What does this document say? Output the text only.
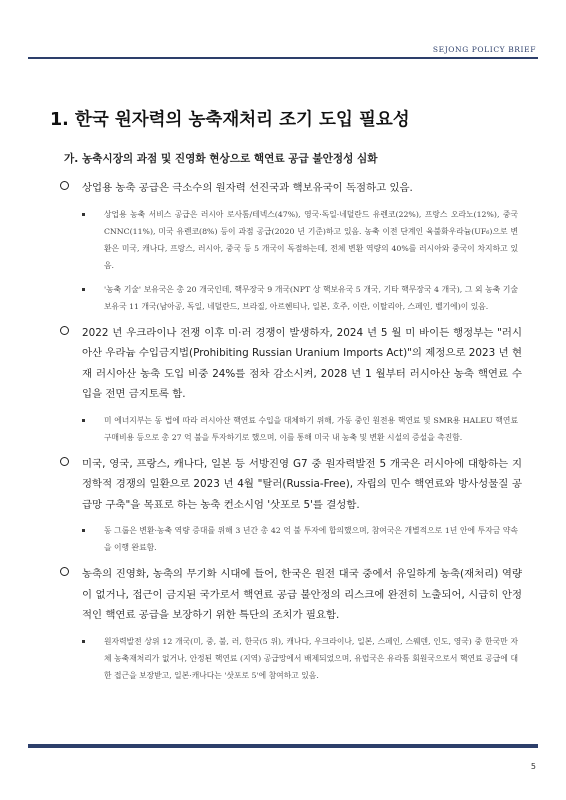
SEJONG POLICY BRIEF
1. 한국 원자력의 농축재처리 조기 도입 필요성
가. 농축시장의 과점 및 진영화 현상으로 핵연료 공급 불안정성 심화

상업용 농축 공급은 극소수의 원자력 선진국과 핵보유국이 독점하고 있음.

상업용 농축 서비스 공급은 러시아 로사톰/테넥스(47%), 영국·독일·네덜란드 유렌코(22%), 프랑스 오라노(12%), 중국 CNNC(11%), 미국 유렌코(8%) 등이 과점 공급(2020 년 기준)하고 있음. 농축 이전 단계인 육불화우라늄(UF₆)으로 변환은 미국, 캐나다, 프랑스, 러시아, 중국 등 5 개국이 독점하는데, 전체 변환 역량의 40%를 러시아와 중국이 차지하고 있음.

'농축 기술' 보유국은 총 20 개국인데, 핵무장국 9 개국(NPT 상 핵보유국 5 개국, 기타 핵무장국 4 개국), 그 외 농축 기술 보유국 11 개국(남아공, 독일, 네덜란드, 브라질, 아르헨티나, 일본, 호주, 이란, 이탈리아, 스페인, 벨기에)이 있음.

2022 년 우크라이나 전쟁 이후 미·러 경쟁이 발생하자, 2024 년 5 월 미 바이든 행정부는 "러시아산 우라늄 수입금지법(Prohibiting Russian Uranium Imports Act)"의 제정으로 2023 년 현재 러시아산 농축 도입 비중 24%를 점차 감소시켜, 2028 년 1 월부터 러시아산 농축 핵연료 수입을 전면 금지토록 함.

미 에너지부는 동 법에 따라 러시아산 핵연료 수입을 대체하기 위해, 가동 중인 원전용 핵연료 및 SMR용 HALEU 핵연료 구매비용 등으로 총 27 억 불을 투자하기로 했으며, 이를 통해 미국 내 농축 및 변환 시설의 증설을 촉진함.

미국, 영국, 프랑스, 캐나다, 일본 등 서방진영 G7 중 원자력발전 5 개국은 러시아에 대항하는 지정학적 경쟁의 일환으로 2023 년 4월 "탈러(Russia-Free), 자립의 민수 핵연료와 방사성물질 공급망 구축"을 목표로 하는 농축 컨소시엄 '삿포로 5'를 결성함.

동 그룹은 변환·농축 역량 증대를 위해 3 년간 총 42 억 불 투자에 합의했으며, 참여국은 개별적으로 1년 안에 투자금 약속을 이행 완료함.

농축의 진영화, 농축의 무기화 시대에 들어, 한국은 원전 대국 중에서 유일하게 농축(재처리) 역량이 없거나, 접근이 금지된 국가로서 핵연료 공급 불안정의 리스크에 완전히 노출되어, 시급히 안정적인 핵연료 공급을 보장하기 위한 특단의 조치가 필요함.

원자력발전 상위 12 개국(미, 중, 불, 러, 한국(5 위), 캐나다, 우크라이나, 일본, 스페인, 스웨덴, 인도, 영국) 중 한국만 자체 농축재처리가 없거나, 안정된 핵연료 (지역) 공급망에서 배제되었으며, 유럽국은 유라톰 회원국으로서 핵연료 공급에 대한 접근을 보장받고, 일본·캐나다는 '삿포로 5'에 참여하고 있음.

5
